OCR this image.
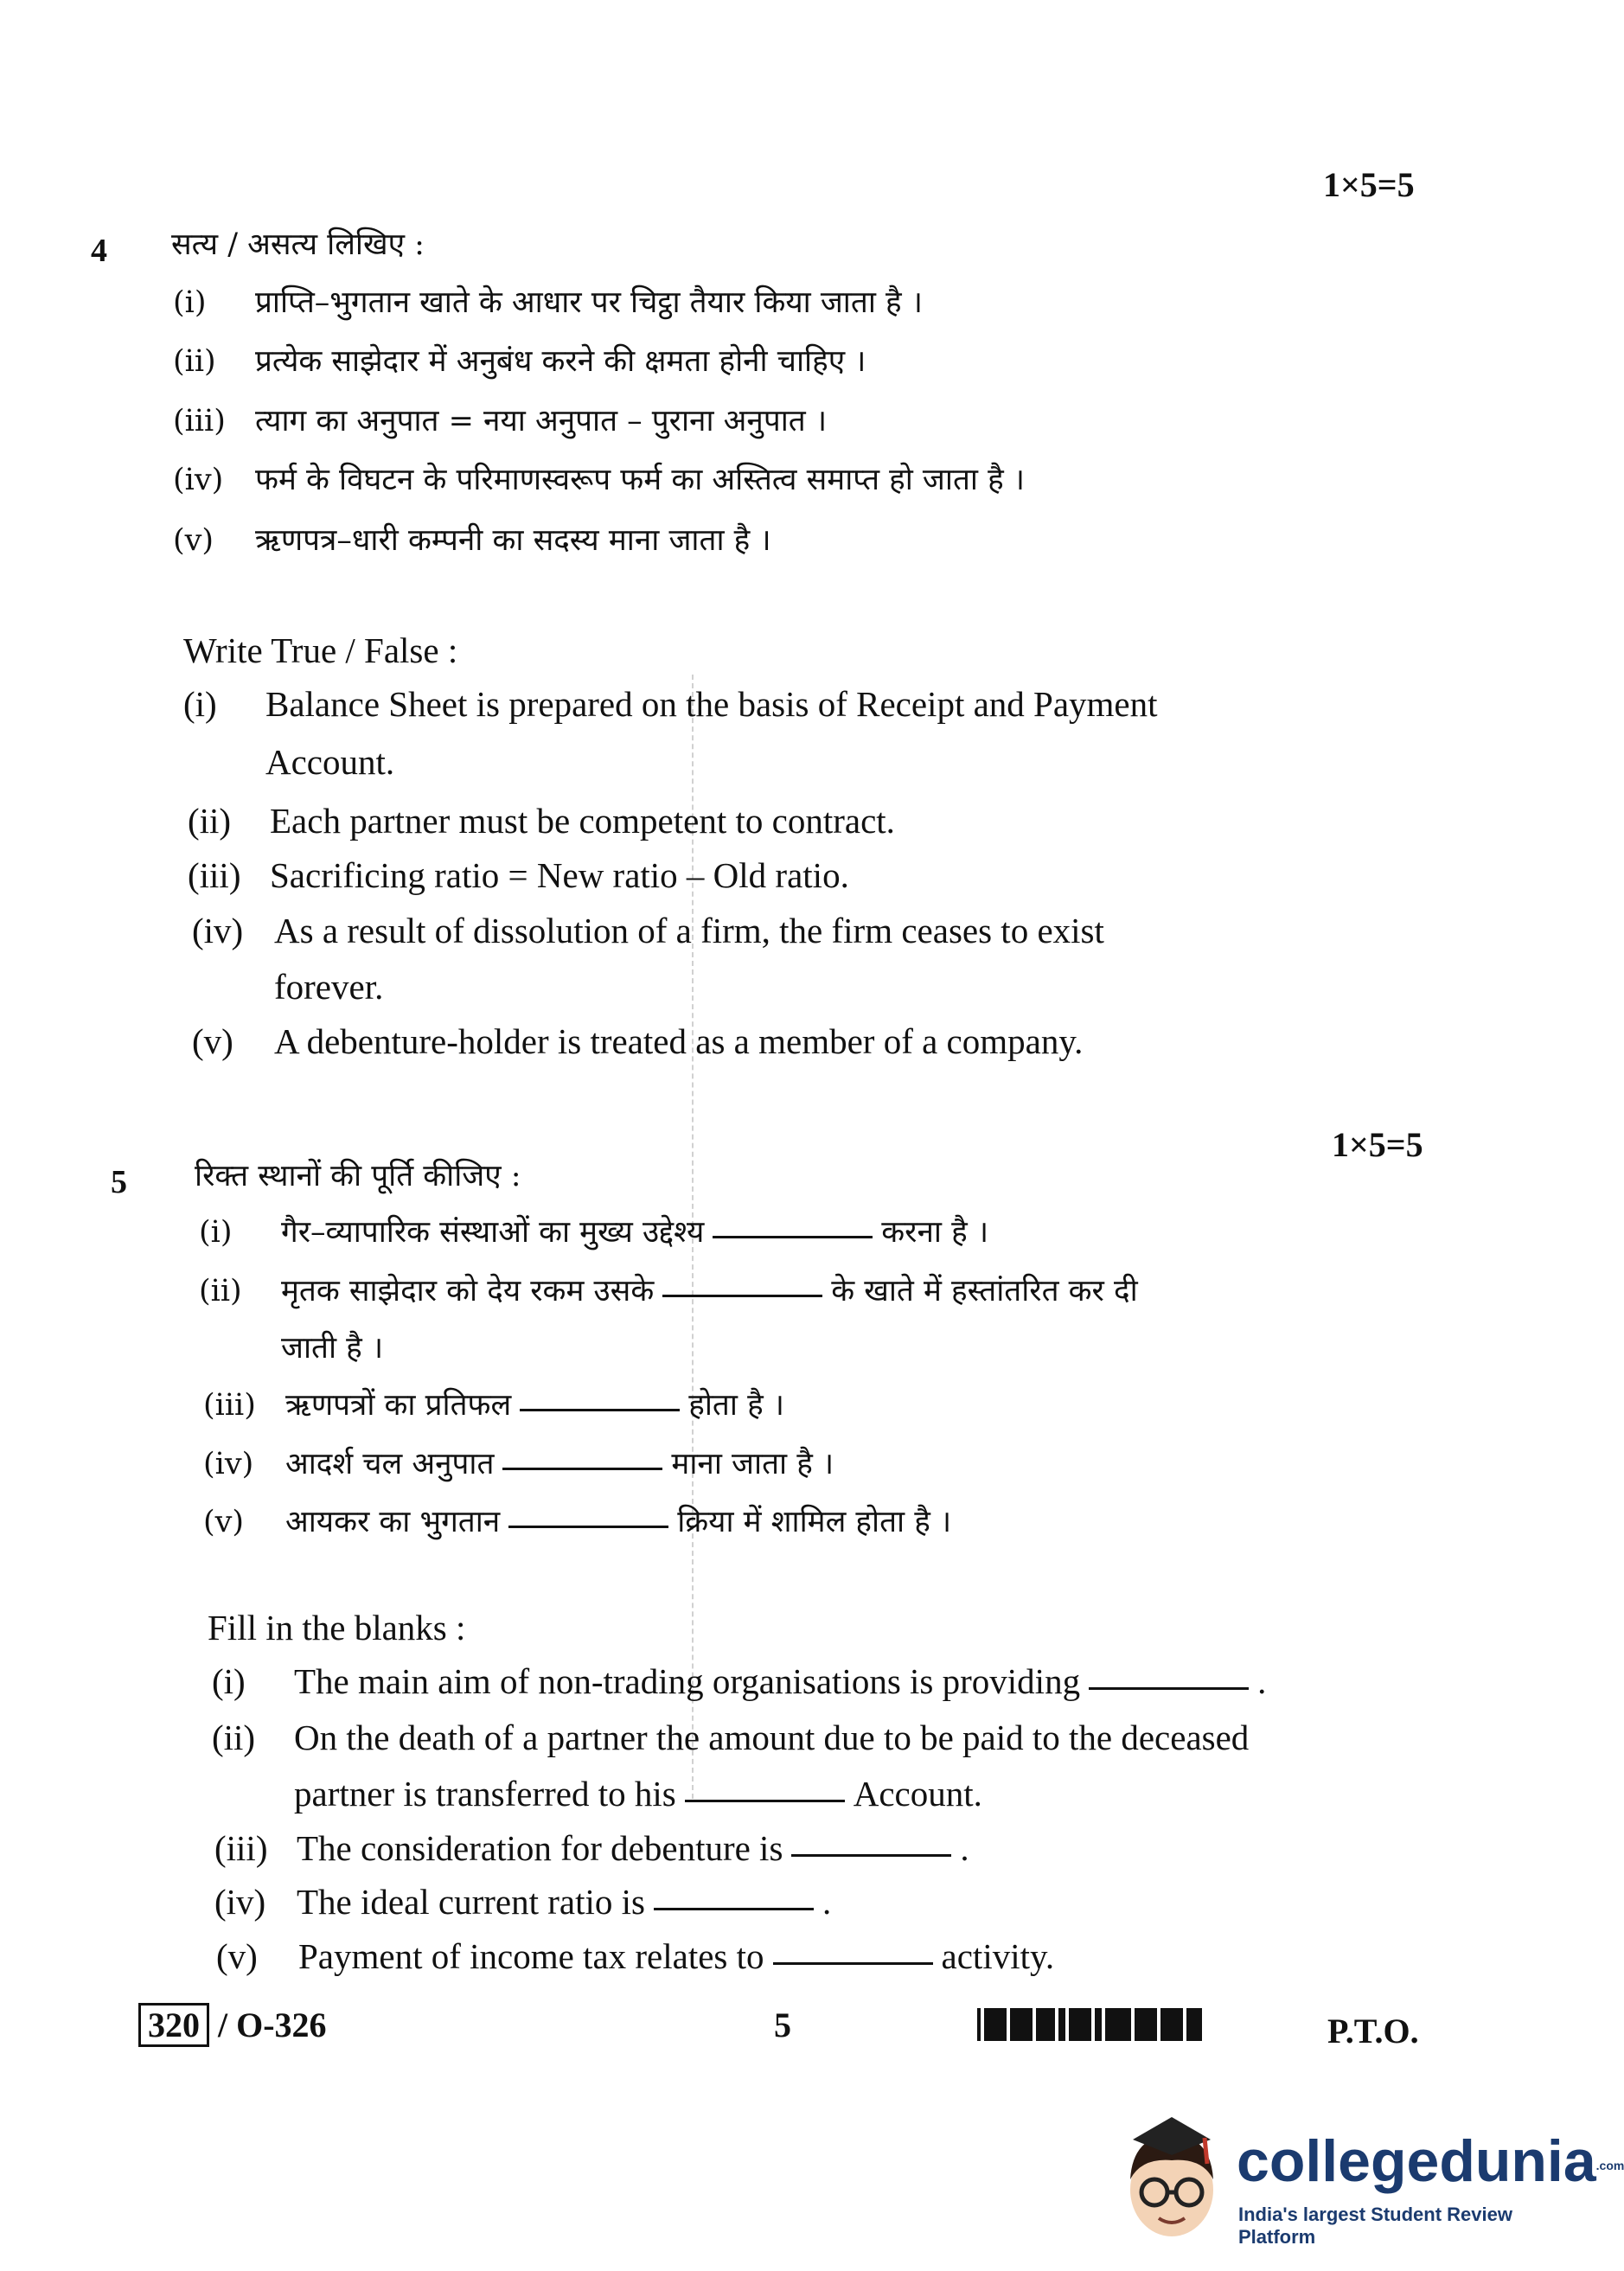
1×5=5
4 सत्य / असत्य लिखिए :
(i) प्राप्ति–भुगतान खाते के आधार पर चिट्ठा तैयार किया जाता है ।
(ii) प्रत्येक साझेदार में अनुबंध करने की क्षमता होनी चाहिए ।
(iii) त्याग का अनुपात = नया अनुपात – पुराना अनुपात ।
(iv) फर्म के विघटन के परिमाणस्वरूप फर्म का अस्तित्व समाप्त हो जाता है ।
(v) ऋणपत्र–धारी कम्पनी का सदस्य माना जाता है ।
Write True / False :
(i) Balance Sheet is prepared on the basis of Receipt and Payment
Account.
(ii) Each partner must be competent to contract.
(iii) Sacrificing ratio = New ratio – Old ratio.
(iv) As a result of dissolution of a firm, the firm ceases to exist
forever.
(v) A debenture-holder is treated as a member of a company.
1×5=5
5 रिक्त स्थानों की पूर्ति कीजिए :
(i) गैर–व्यापारिक संस्थाओं का मुख्य उद्देश्य	करना है ।
(ii) मृतक साझेदार को देय रकम उसके	के खाते में हस्तांतरित कर दी
जाती है ।
(iii) ऋणपत्रों का प्रतिफल	होता है ।
(iv) आदर्श चल अनुपात	माना जाता है ।
(v) आयकर का भुगतान	क्रिया में शामिल होता है ।
Fill in the blanks :
(i) The main aim of non-trading organisations is providing	.
(ii) On the death of a partner the amount due to be paid to the deceased
partner is transferred to his	Account.
(iii) The consideration for debenture is	.
(iv) The ideal current ratio is	.
(v) Payment of income tax relates to	activity.
320 / O-326	5	P.T.O.
collegedunia.com
India's largest Student Review Platform
